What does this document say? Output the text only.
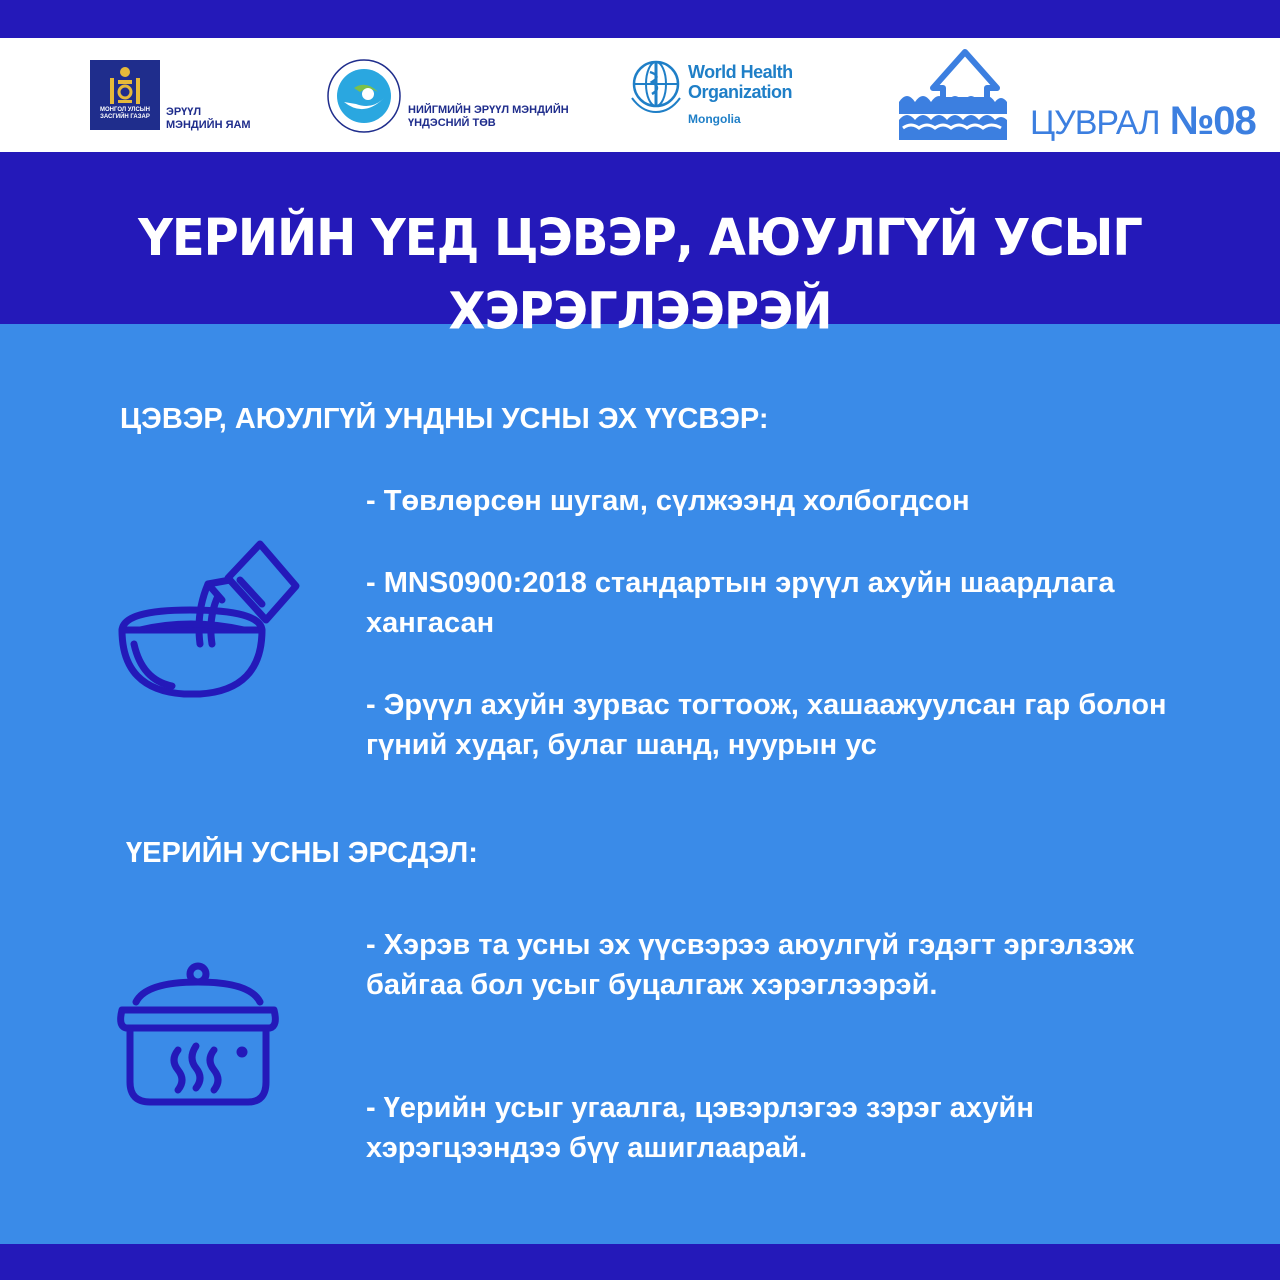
МОНГОЛ УЛСЫН ЗАСГИЙН ГАЗАР	ЭРҮҮЛ
МЭНДИЙН ЯАМ
НИЙГМИЙН ЭРҮҮЛ МЭНДИЙН
ҮНДЭСНИЙ ТӨВ
World Health
Organization
Mongolia	ЦУВРАЛ №08
ҮЕРИЙН ҮЕД ЦЭВЭР, АЮУЛГҮЙ УСЫГ ХЭРЭГЛЭЭРЭЙ
ЦЭВЭР, АЮУЛГҮЙ УНДНЫ УСНЫ ЭХ ҮҮСВЭР:
- Төвлөрсөн шугам, сүлжээнд холбогдсон
- MNS0900:2018 стандартын эрүүл ахуйн шаардлага хангасан
- Эрүүл ахуйн зурвас тогтоож, хашаажуулсан гар болон гүний худаг, булаг шанд, нуурын ус
ҮЕРИЙН УСНЫ ЭРСДЭЛ:
- Хэрэв та усны эх үүсвэрээ аюулгүй гэдэгт эргэлзэж байгаа бол усыг буцалгаж хэрэглээрэй.
- Үерийн усыг угаалга, цэвэрлэгээ зэрэг ахуйн хэрэгцээндээ бүү ашиглаарай.
